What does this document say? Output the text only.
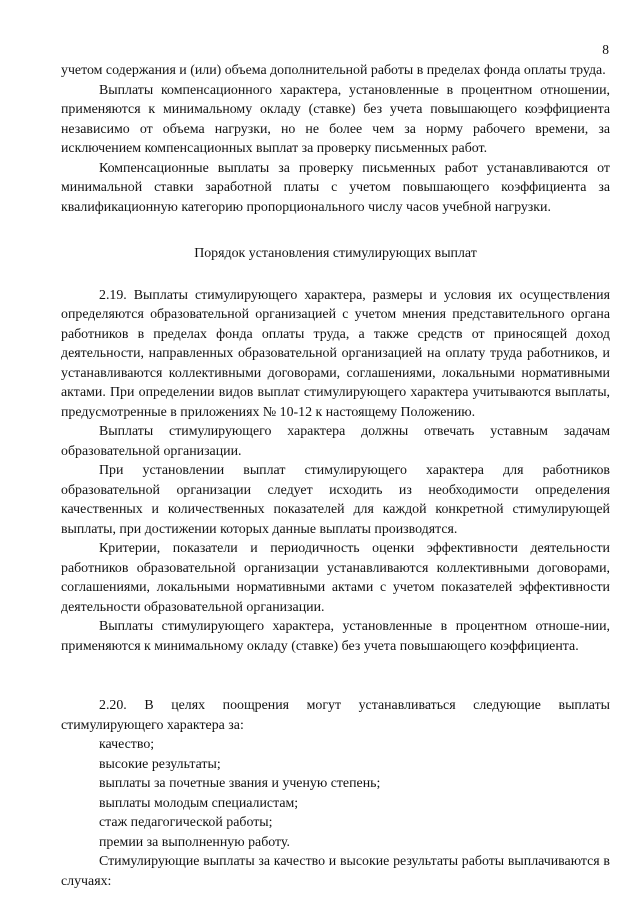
8

учетом содержания и (или) объема дополнительной работы в пределах фонда оплаты труда.

Выплаты компенсационного характера, установленные в процентном отношении, применяются к минимальному окладу (ставке) без учета повышающего коэффициента независимо от объема нагрузки, но не более чем за норму рабочего времени, за исключением компенсационных выплат за проверку письменных работ.

Компенсационные выплаты за проверку письменных работ устанавливаются от минимальной ставки заработной платы с учетом повышающего коэффициента за квалификационную категорию пропорционального числу часов учебной нагрузки.

Порядок установления стимулирующих выплат

2.19. Выплаты стимулирующего характера, размеры и условия их осуществления определяются образовательной организацией с учетом мнения представительного органа работников в пределах фонда оплаты труда, а также средств от приносящей доход деятельности, направленных образовательной организацией на оплату труда работников, и устанавливаются коллективными договорами, соглашениями, локальными нормативными актами. При определении видов выплат стимулирующего характера учитываются выплаты, предусмотренные в приложениях № 10-12 к настоящему Положению.

Выплаты стимулирующего характера должны отвечать уставным задачам образовательной организации.

При установлении выплат стимулирующего характера для работников образовательной организации следует исходить из необходимости определения качественных и количественных показателей для каждой конкретной стимулирующей выплаты, при достижении которых данные выплаты производятся.

Критерии, показатели и периодичность оценки эффективности деятельности работников образовательной организации устанавливаются коллективными договорами, соглашениями, локальными нормативными актами с учетом показателей эффективности деятельности образовательной организации.

Выплаты стимулирующего характера, установленные в процентном отноше-нии, применяются к минимальному окладу (ставке) без учета повышающего коэффициента.

2.20. В целях поощрения могут устанавливаться следующие выплаты стимулирующего характера за:

качество;

высокие результаты;

выплаты за почетные звания и ученую степень;

выплаты молодым специалистам;

стаж педагогической работы;

премии за выполненную работу.

Стимулирующие выплаты за качество и высокие результаты работы выплачиваются в случаях:
